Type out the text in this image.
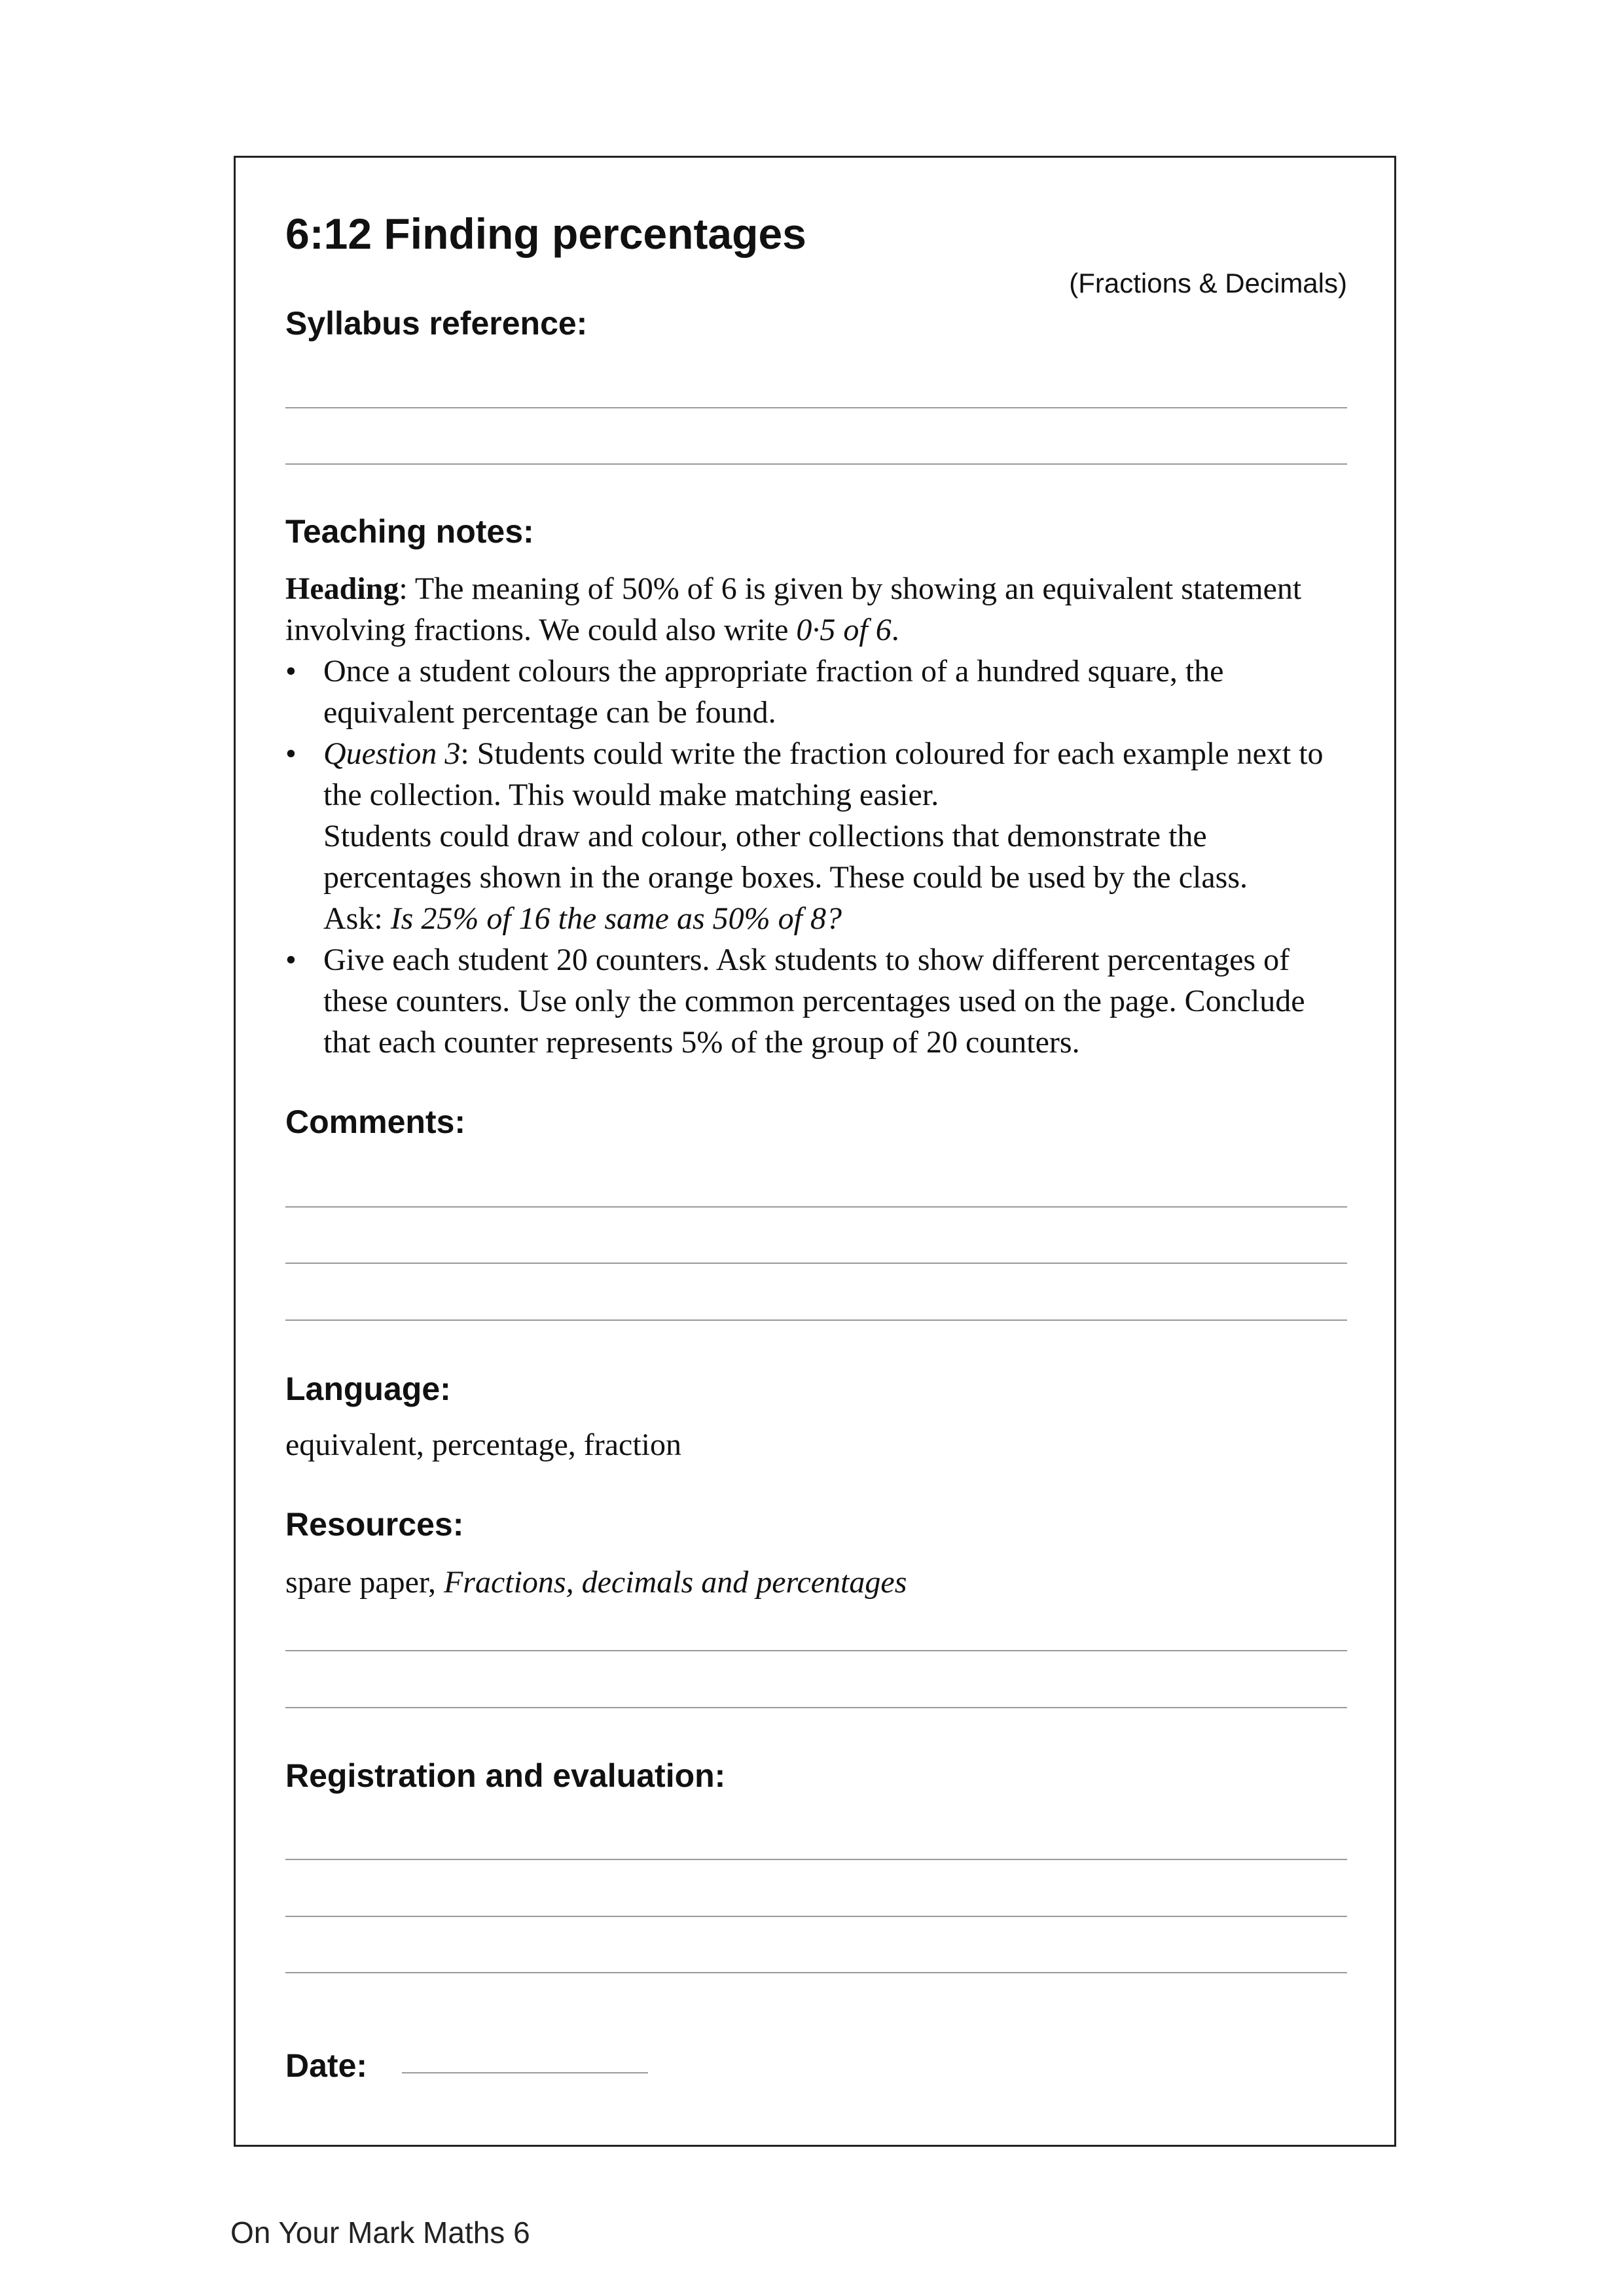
6:12 Finding percentages
(Fractions & Decimals)
Syllabus reference:
Teaching notes:

Heading: The meaning of 50% of 6 is given by showing an equivalent statement involving fractions. We could also write 0·5 of 6.

• Once a student colours the appropriate fraction of a hundred square, the equivalent percentage can be found.
• Question 3: Students could write the fraction coloured for each example next to the collection. This would make matching easier.

Students could draw and colour, other collections that demonstrate the percentages shown in the orange boxes. These could be used by the class.

Ask: Is 25% of 16 the same as 50% of 8?

• Give each student 20 counters. Ask students to show different percentages of these counters. Use only the common percentages used on the page. Conclude that each counter represents 5% of the group of 20 counters.
Comments:
Language:
equivalent, percentage, fraction
Resources:
spare paper, Fractions, decimals and percentages
Registration and evaluation:
Date:
On Your Mark Maths 6
